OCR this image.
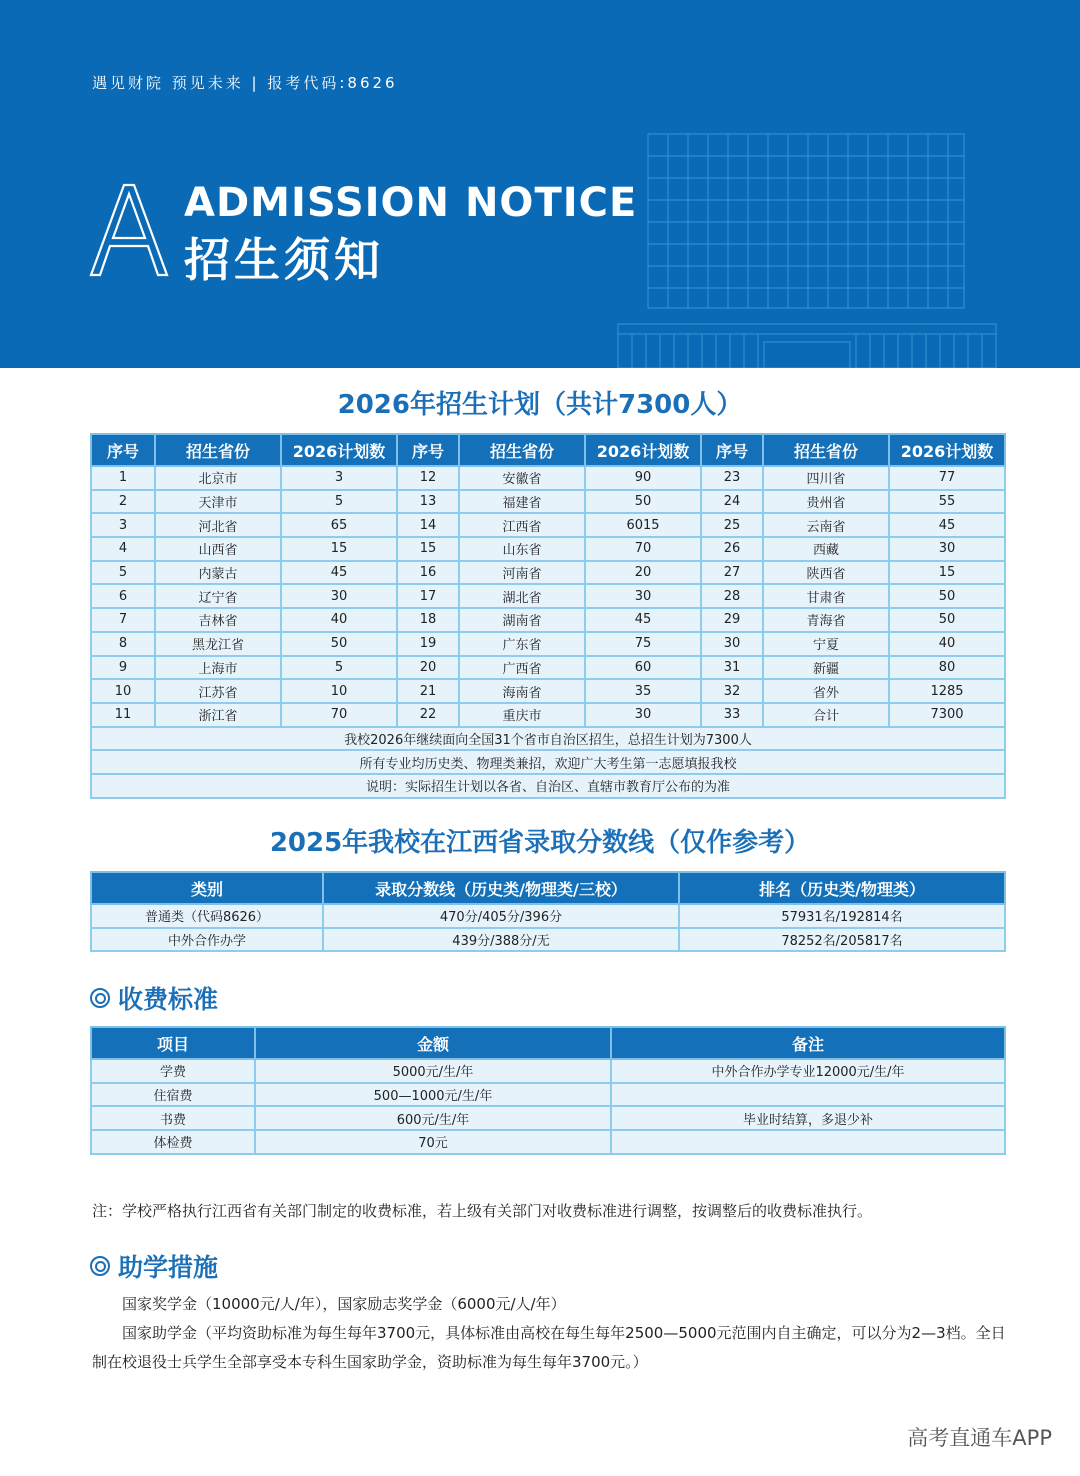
遇见财院 预见未来 | 报考代码:8626
ADMISSION NOTICE
招生须知
2026年招生计划（共计7300人）
序号	招生省份	2026计划数	序号	招生省份	2026计划数	序号	招生省份	2026计划数
1	北京市	3	12	安徽省	90	23	四川省	77
2	天津市	5	13	福建省	50	24	贵州省	55
3	河北省	65	14	江西省	6015	25	云南省	45
4	山西省	15	15	山东省	70	26	西藏	30
5	内蒙古	45	16	河南省	20	27	陕西省	15
6	辽宁省	30	17	湖北省	30	28	甘肃省	50
7	吉林省	40	18	湖南省	45	29	青海省	50
8	黑龙江省	50	19	广东省	75	30	宁夏	40
9	上海市	5	20	广西省	60	31	新疆	80
10	江苏省	10	21	海南省	35	32	省外	1285
11	浙江省	70	22	重庆市	30	33	合计	7300
我校2026年继续面向全国31个省市自治区招生，总招生计划为7300人								
所有专业均历史类、物理类兼招，欢迎广大考生第一志愿填报我校								
说明：实际招生计划以各省、自治区、直辖市教育厅公布的为准								
2025年我校在江西省录取分数线（仅作参考）
类别	录取分数线（历史类/物理类/三校）	排名（历史类/物理类）
普通类（代码8626）	470分/405分/396分	57931名/192814名
中外合作办学	439分/388分/无	78252名/205817名
收费标准
项目	金额	备注
学费	5000元/生/年	中外合作办学专业12000元/生/年
住宿费	500—1000元/生/年	
书费	600元/生/年	毕业时结算，多退少补
体检费	70元	
注：学校严格执行江西省有关部门制定的收费标准，若上级有关部门对收费标准进行调整，按调整后的收费标准执行。
助学措施

国家奖学金（10000元/人/年），国家励志奖学金（6000元/人/年）

国家助学金（平均资助标准为每生每年3700元，具体标准由高校在每生每年2500—5000元范围内自主确定，可以分为2—3档。全日制在校退役士兵学生全部享受本专科生国家助学金，资助标准为每生每年3700元。）

高考直通车APP
